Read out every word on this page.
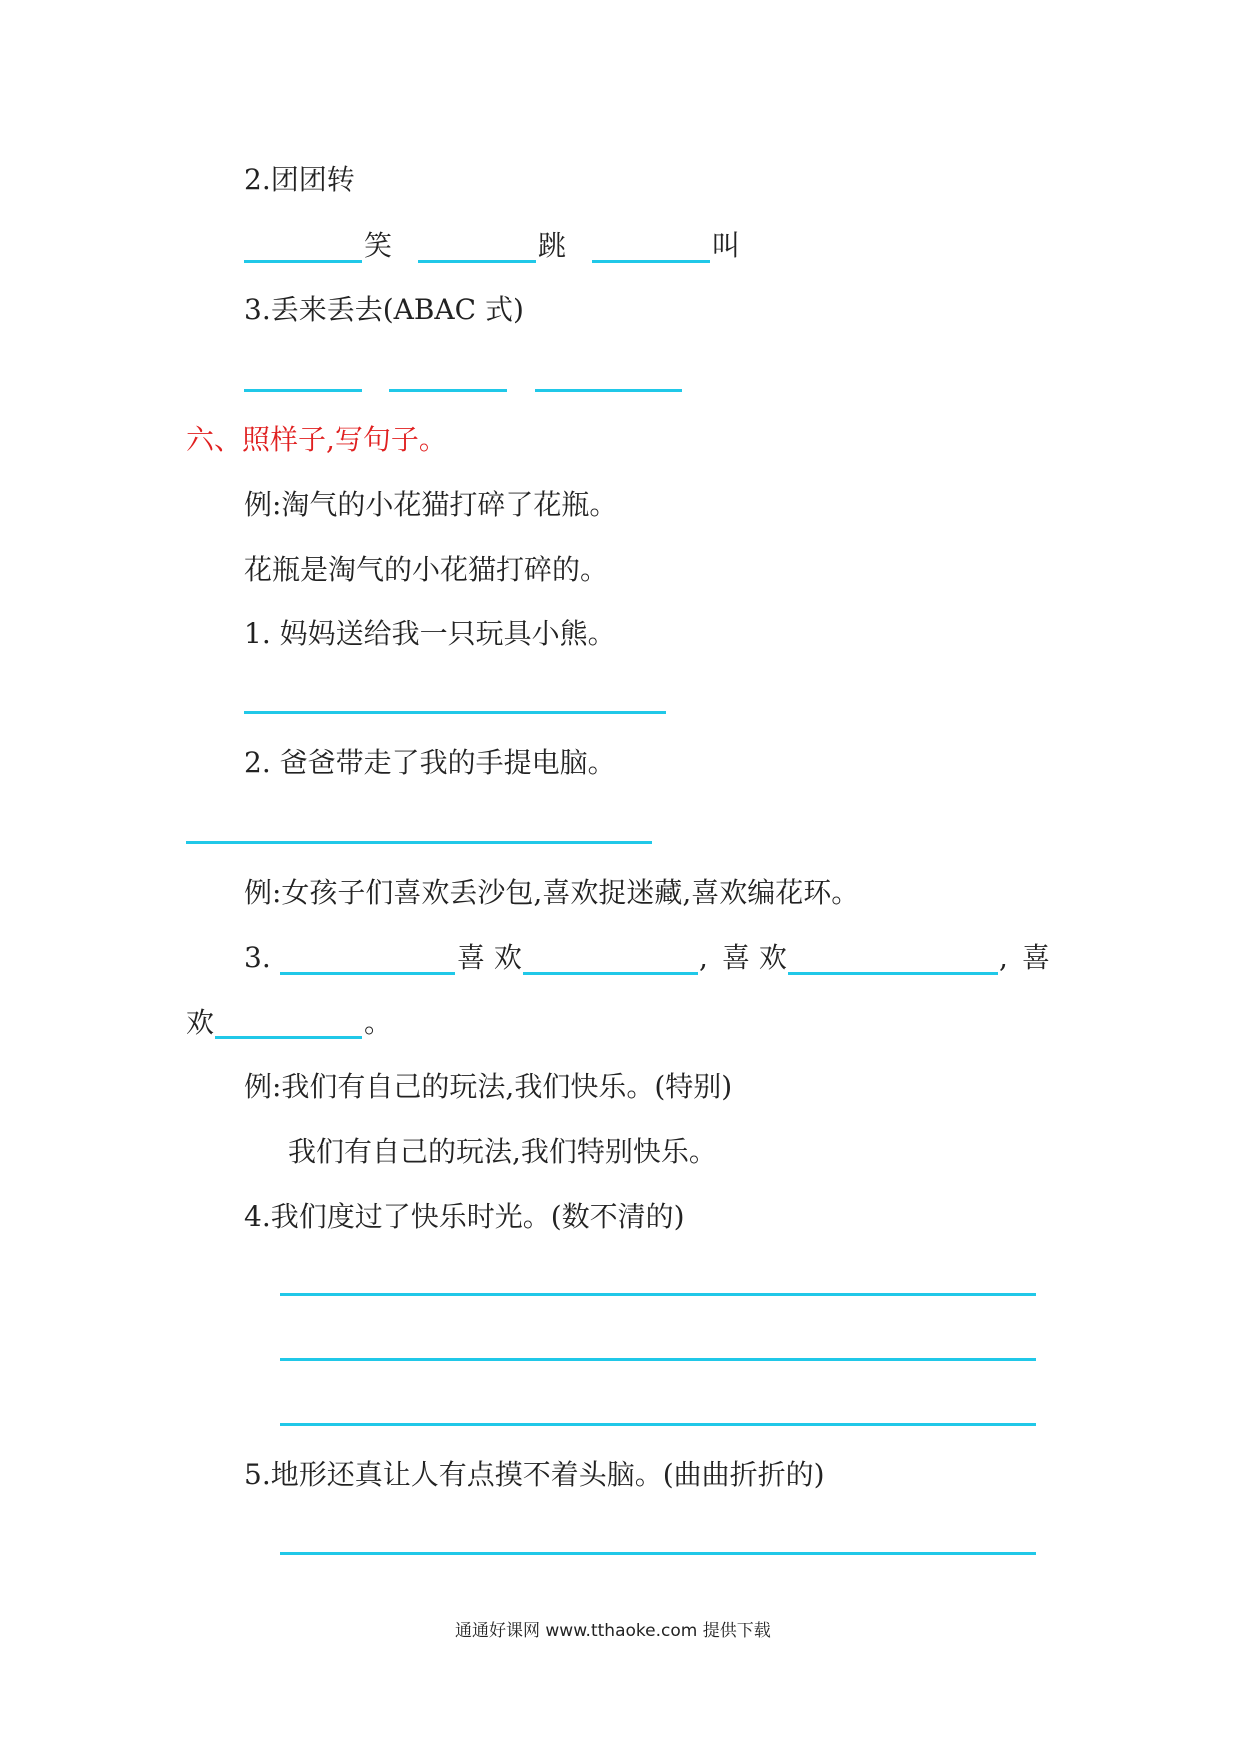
2.团团转
笑	跳	叫
3.丢来丢去(ABAC 式)
六、照样子,写句子。
例:淘气的小花猫打碎了花瓶。
花瓶是淘气的小花猫打碎的。
1. 妈妈送给我一只玩具小熊。
2. 爸爸带走了我的手提电脑。
例:女孩子们喜欢丢沙包,喜欢捉迷藏,喜欢编花环。
3.	喜 欢	, 喜 欢	, 喜
欢	。
例:我们有自己的玩法,我们快乐。(特别)
我们有自己的玩法,我们特别快乐。
4.我们度过了快乐时光。(数不清的)
5.地形还真让人有点摸不着头脑。(曲曲折折的)
通通好课网 www.tthaoke.com 提供下载
